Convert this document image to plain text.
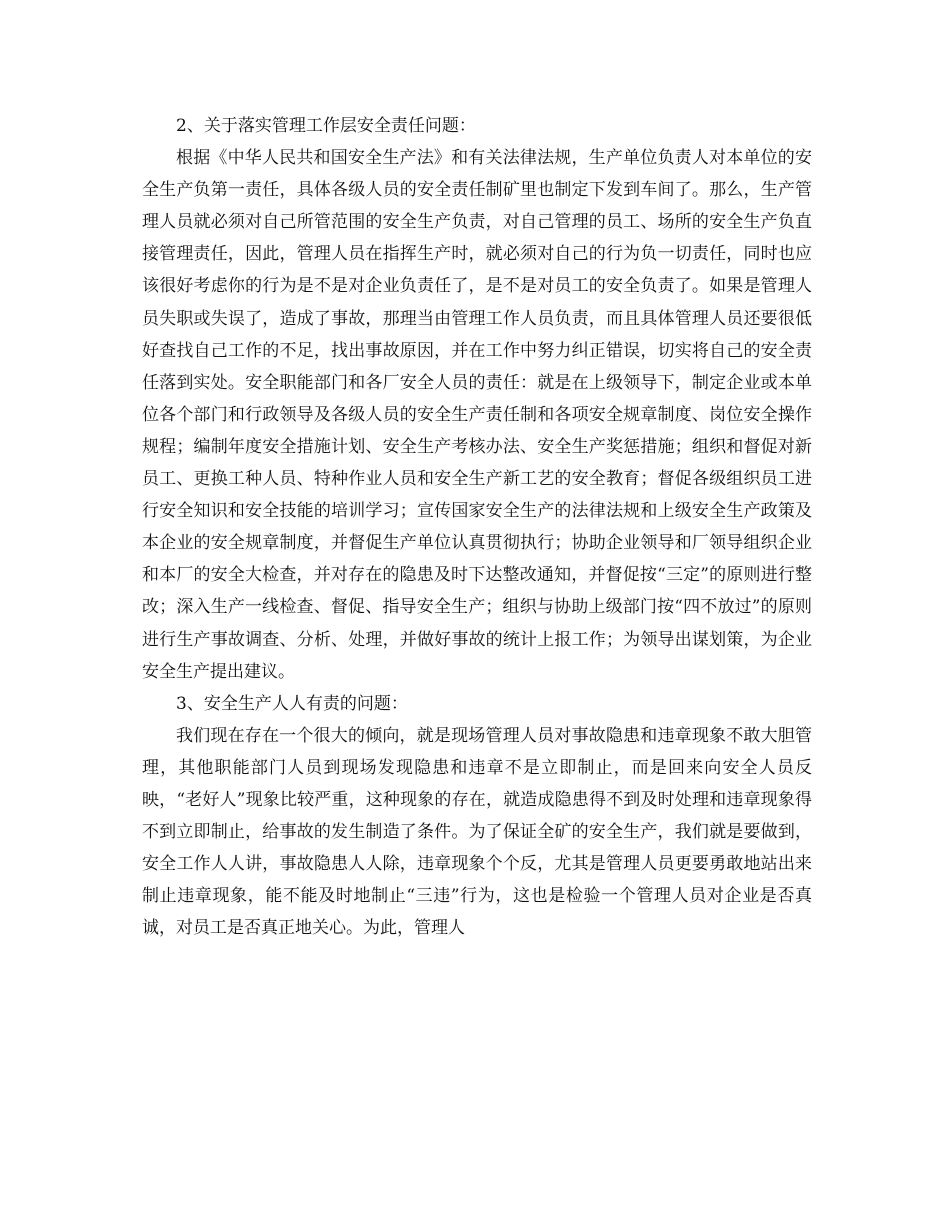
2、关于落实管理工作层安全责任问题：

根据《中华人民共和国安全生产法》和有关法律法规，生产单位负责人对本单位的安全生产负第一责任，具体各级人员的安全责任制矿里也制定下发到车间了。那么，生产管理人员就必须对自己所管范围的安全生产负责，对自己管理的员工、场所的安全生产负直接管理责任，因此，管理人员在指挥生产时，就必须对自己的行为负一切责任，同时也应该很好考虑你的行为是不是对企业负责任了，是不是对员工的安全负责了。如果是管理人员失职或失误了，造成了事故，那理当由管理工作人员负责，而且具体管理人员还要很低好查找自己工作的不足，找出事故原因，并在工作中努力纠正错误，切实将自己的安全责任落到实处。安全职能部门和各厂安全人员的责任：就是在上级领导下，制定企业或本单位各个部门和行政领导及各级人员的安全生产责任制和各项安全规章制度、岗位安全操作规程；编制年度安全措施计划、安全生产考核办法、安全生产奖惩措施；组织和督促对新员工、更换工种人员、特种作业人员和安全生产新工艺的安全教育；督促各级组织员工进行安全知识和安全技能的培训学习；宣传国家安全生产的法律法规和上级安全生产政策及本企业的安全规章制度，并督促生产单位认真贯彻执行；协助企业领导和厂领导组织企业和本厂的安全大检查，并对存在的隐患及时下达整改通知，并督促按“三定”的原则进行整改；深入生产一线检查、督促、指导安全生产；组织与协助上级部门按“四不放过”的原则进行生产事故调查、分析、处理，并做好事故的统计上报工作；为领导出谋划策，为企业安全生产提出建议。

3、安全生产人人有责的问题：

我们现在存在一个很大的倾向，就是现场管理人员对事故隐患和违章现象不敢大胆管理，其他职能部门人员到现场发现隐患和违章不是立即制止，而是回来向安全人员反映，“老好人”现象比较严重，这种现象的存在，就造成隐患得不到及时处理和违章现象得不到立即制止，给事故的发生制造了条件。为了保证全矿的安全生产，我们就是要做到，安全工作人人讲，事故隐患人人除，违章现象个个反，尤其是管理人员更要勇敢地站出来制止违章现象，能不能及时地制止“三违”行为，这也是检验一个管理人员对企业是否真诚，对员工是否真正地关心。为此，管理人
